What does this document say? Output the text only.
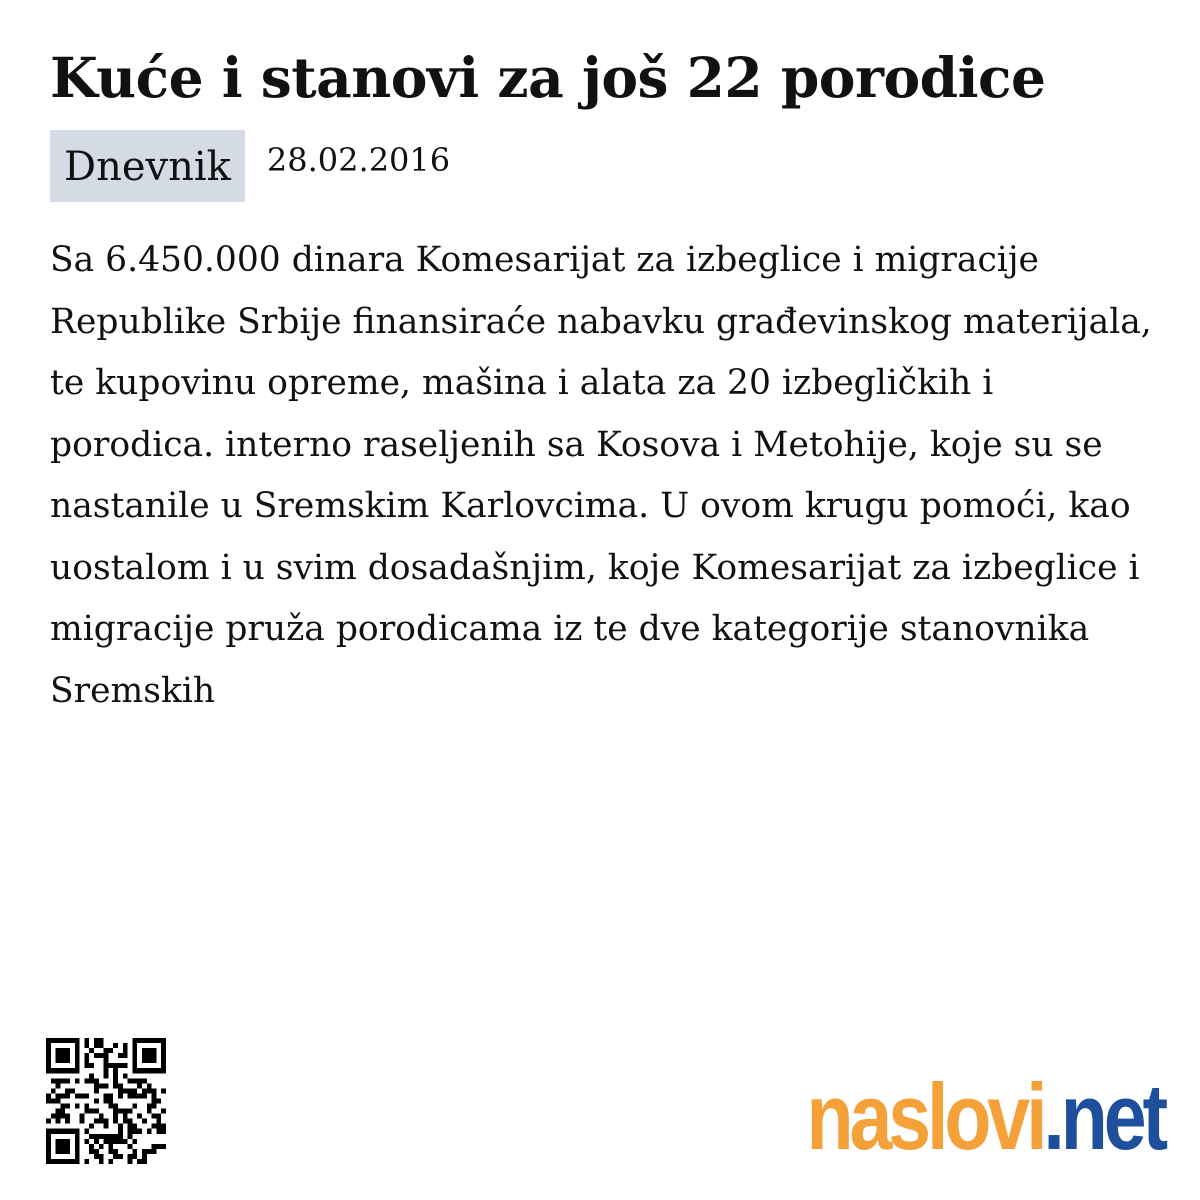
Kuće i stanovi za još 22 porodice
Dnevnik	28.02.2016

Sa 6.450.000 dinara Komesarijat za izbeglice i migracije Republike Srbije finansiraće nabavku građevinskog materijala, te kupovinu opreme, mašina i alata za 20 izbegličkih i porodica. interno raseljenih sa Kosova i Metohije, koje su se nastanile u Sremskim Karlovcima. U ovom krugu pomoći, kao uostalom i u svim dosadašnjim, koje Komesarijat za izbeglice i migracije pruža porodicama iz te dve kategorije stanovnika Sremskih

naslovi.net
